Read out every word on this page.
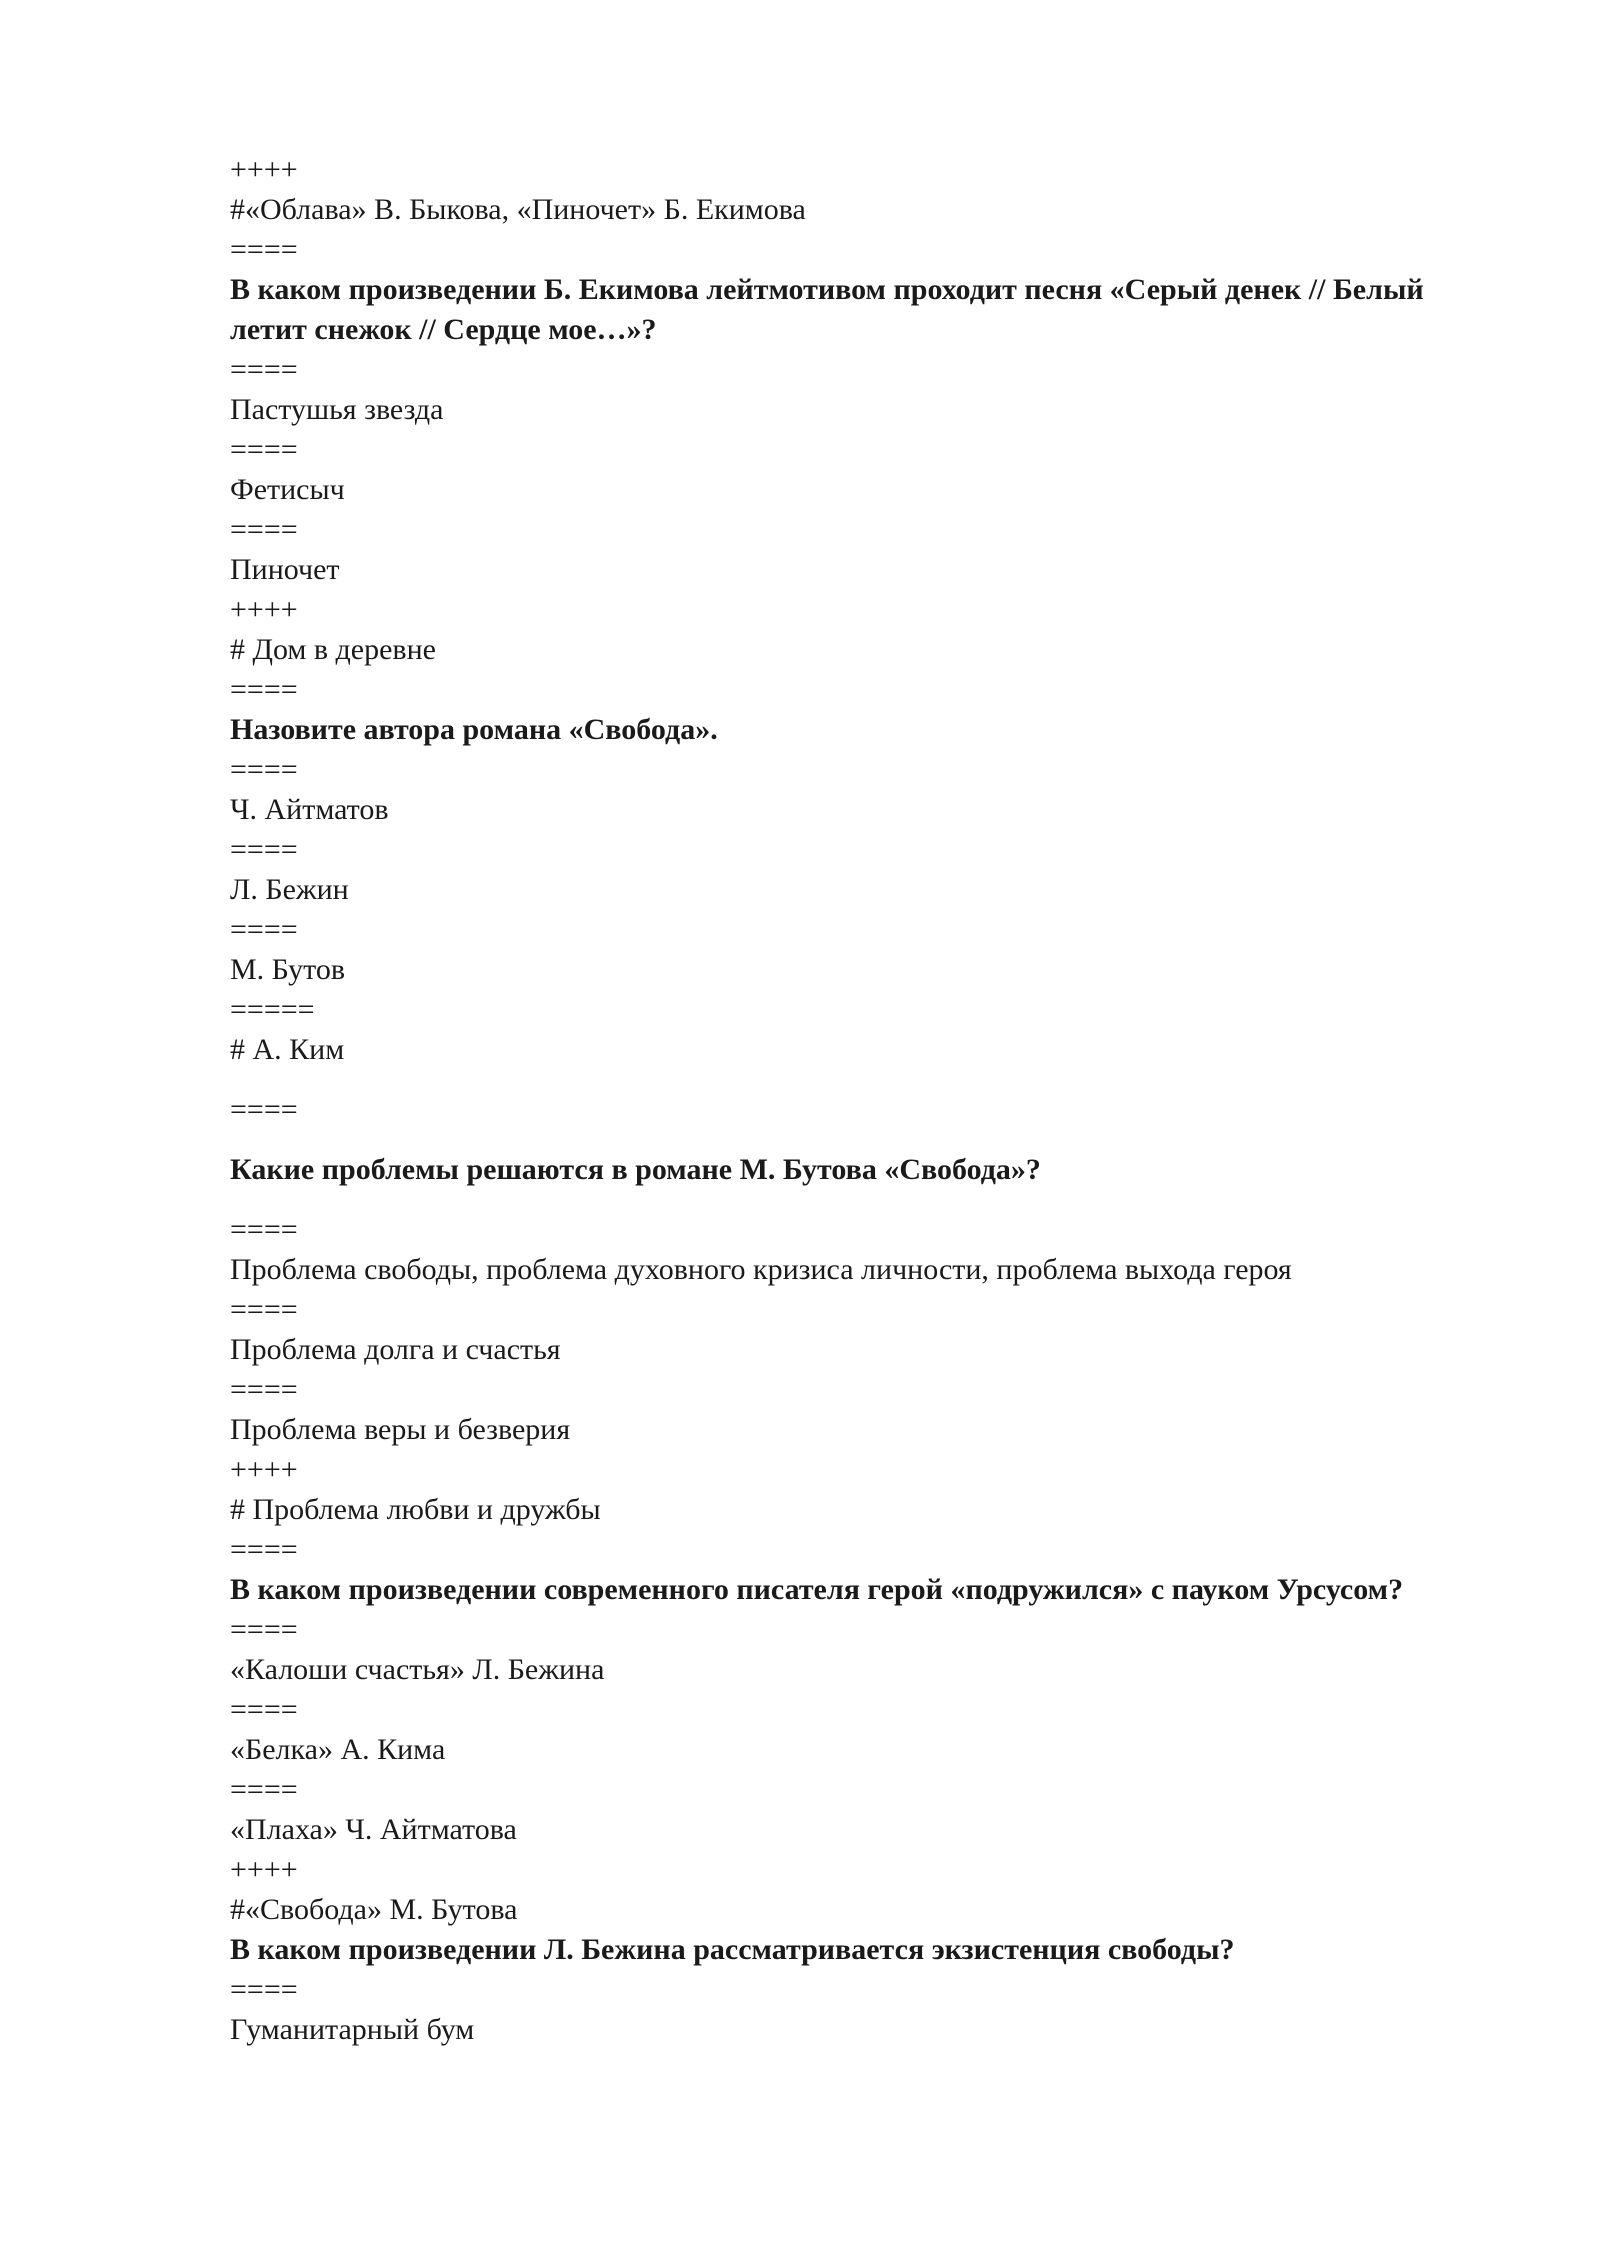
++++

#«Облава» В. Быкова, «Пиночет» Б. Екимова

====

В каком произведении Б. Екимова лейтмотивом проходит песня «Серый денек // Белый летит снежок // Сердце мое…»?

====

Пастушья звезда

====

Фетисыч

====

Пиночет

++++

# Дом в деревне

====

Назовите автора романа «Свобода».

====

Ч. Айтматов

====

Л. Бежин

====

М. Бутов

=====

# А. Ким

====

Какие проблемы решаются в романе М. Бутова «Свобода»?

====

Проблема свободы, проблема духовного кризиса личности, проблема выхода героя

====

Проблема долга и счастья

====

Проблема веры и безверия

++++

# Проблема любви и дружбы

====

В каком произведении современного писателя герой «подружился» с пауком Урсусом?

====

«Калоши счастья» Л. Бежина

====

«Белка» А. Кима

====

«Плаха» Ч. Айтматова

++++

#«Свобода» М. Бутова

В каком произведении Л. Бежина рассматривается экзистенция свободы?

====

Гуманитарный бум
